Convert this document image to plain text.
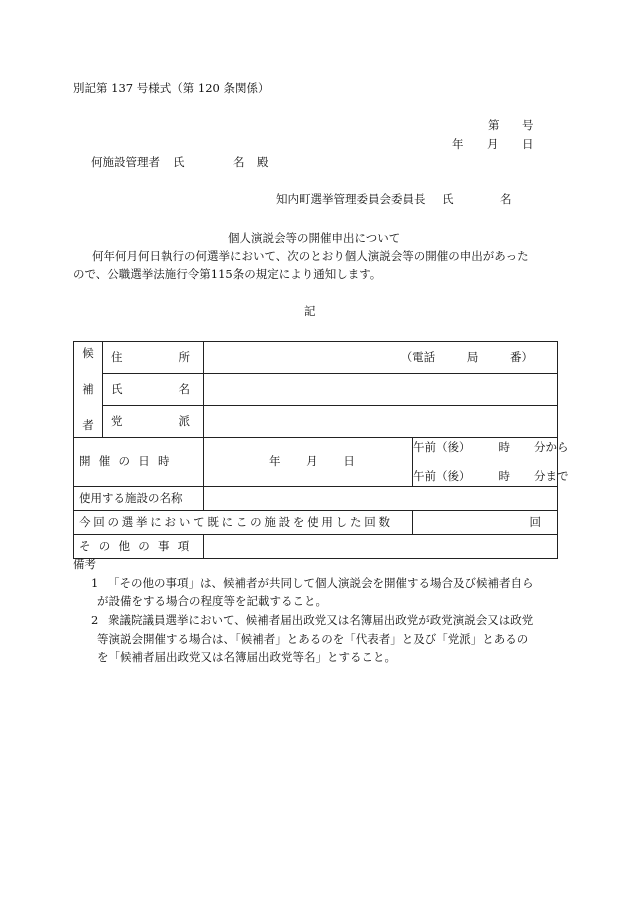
別記第 137 号様式（第 120 条関係）
第 号
年 月 日
何施設管理者 氏	名 殿
知内町選挙管理委員会委員長 氏	名
個人演説会等の開催申出について
何年何月何日執行の何選挙において、次のとおり個人演説会等の開催の申出があった
ので、公職選挙法施行令第115条の規定により通知します。
記
候
補
者	住 所	（電話 局 番）	

	氏 名		

	党 派		

開 催 の 日 時		年 月 日	午前（後） 時 分から
午前（後） 時 分まで

使用する施設の名称			
今回の選挙において既にこの施設を使用した回数			回
そ の 他 の 事 項			
備考
1 「その他の事項」は、候補者が共同して個人演説会を開催する場合及び候補者自ら
が設備をする場合の程度等を記載すること。
2 衆議院議員選挙において、候補者届出政党又は名簿届出政党が政党演説会又は政党
等演説会開催する場合は、「候補者」とあるのを「代表者」と及び「党派」とあるの
を「候補者届出政党又は名簿届出政党等名」とすること。
